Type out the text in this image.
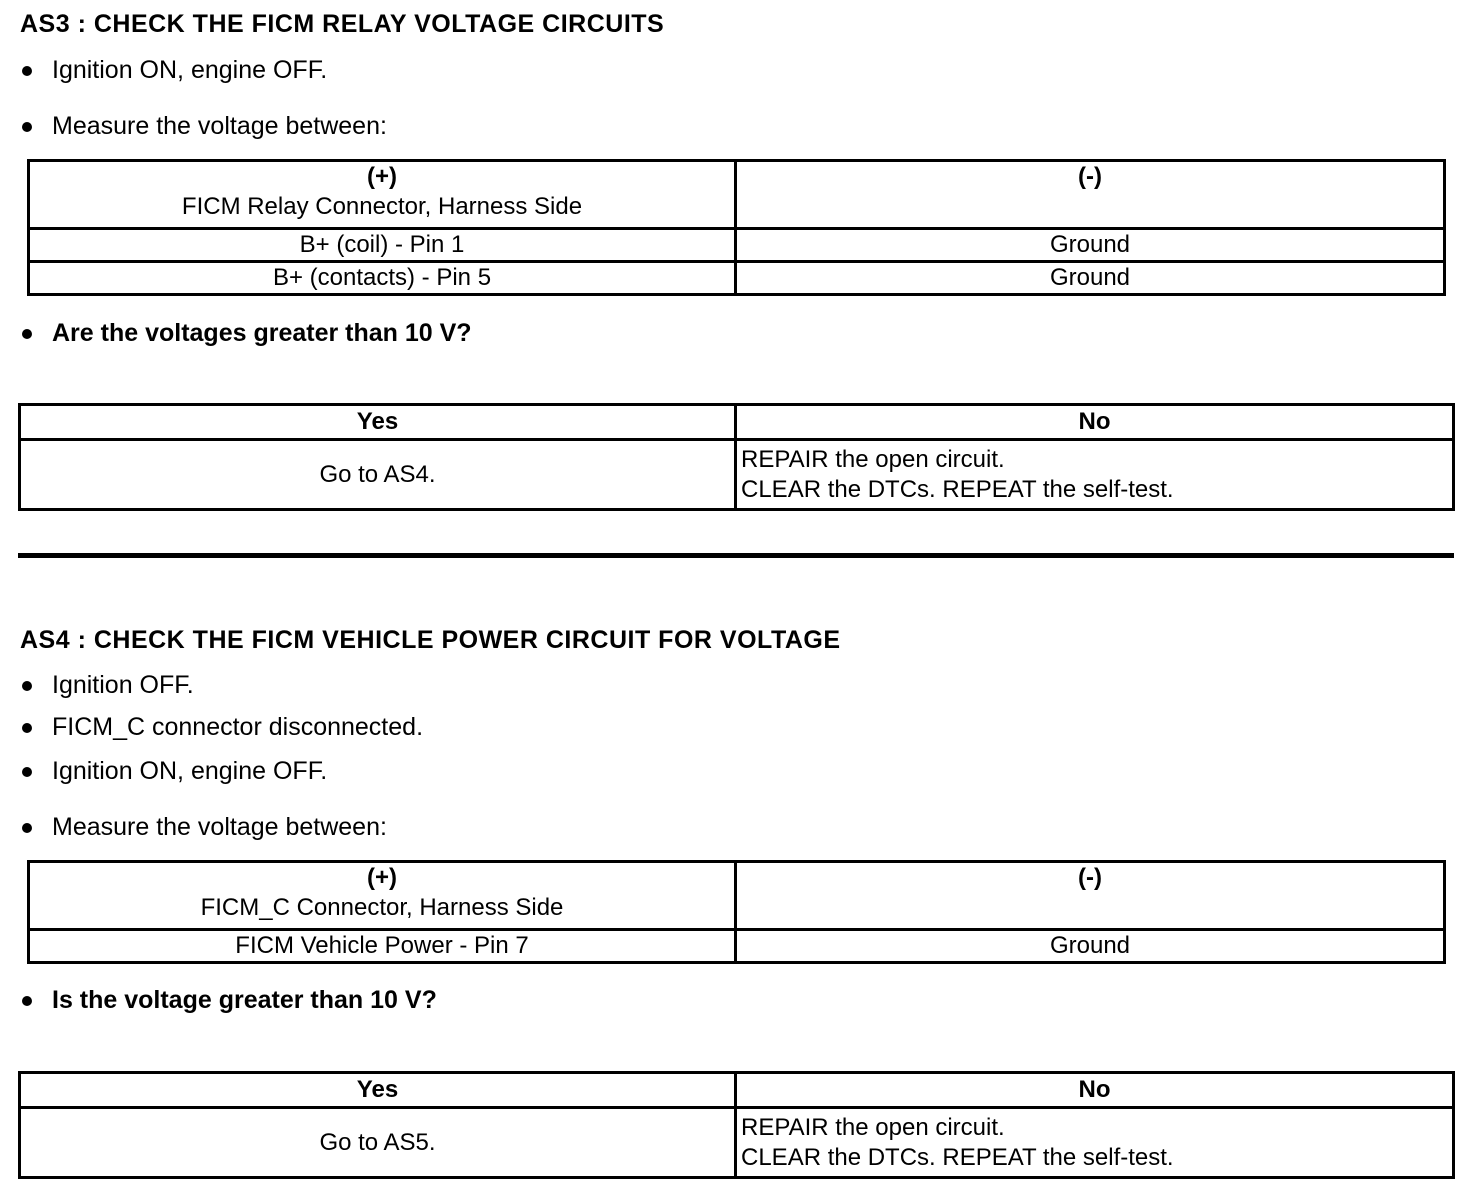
AS3 : CHECK THE FICM RELAY VOLTAGE CIRCUITS
Ignition ON, engine OFF.
Measure the voltage between:
(+)
FICM Relay Connector, Harness Side	(-)
B+ (coil) - Pin 1	Ground
B+ (contacts) - Pin 5	Ground
Are the voltages greater than 10 V?
Yes	No
Go to AS4.	REPAIR the open circuit.
CLEAR the DTCs. REPEAT the self-test.
AS4 : CHECK THE FICM VEHICLE POWER CIRCUIT FOR VOLTAGE
Ignition OFF.
FICM_C connector disconnected.
Ignition ON, engine OFF.
Measure the voltage between:
(+)
FICM_C Connector, Harness Side	(-)
FICM Vehicle Power - Pin 7	Ground
Is the voltage greater than 10 V?
Yes	No
Go to AS5.	REPAIR the open circuit.
CLEAR the DTCs. REPEAT the self-test.
